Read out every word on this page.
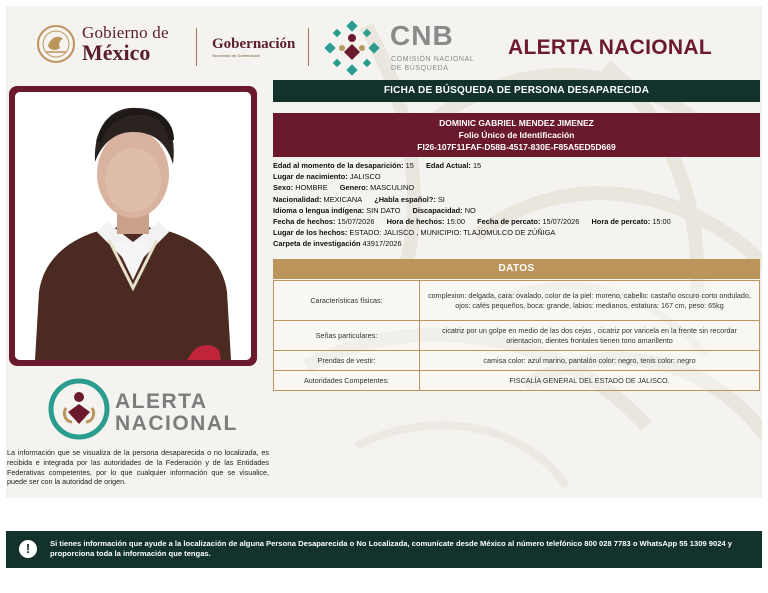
Gobierno de
México	Gobernación
Secretaría de Gobernación
CNB
COMISIÓN NACIONAL
DE BÚSQUEDA
ALERTA NACIONAL
FICHA DE BÚSQUEDA DE PERSONA DESAPARECIDA
DOMINIC GABRIEL MENDEZ JIMENEZ
Folio Único de Identificación
FI26-107F11FAF-D58B-4517-830E-F85A5ED5D669
Edad al momento de la desaparición: 15 Edad Actual: 15
Lugar de nacimiento: JALISCO
Sexo: HOMBRE Genero: MASCULINO
Nacionalidad: MEXICANA ¿Habla español?: SI
Idioma o lengua indígena: SIN DATO Discapacidad: NO
Fecha de hechos: 15/07/2026 Hora de hechos: 15:00 Fecha de percato: 15/07/2026 Hora de percato: 15:00
Lugar de los hechos: ESTADO: JALISCO , MUNICIPIO: TLAJOMULCO DE ZÚÑIGA
Carpeta de investigación 43917/2026
DATOS
Características físicas:	complexion: delgada, cara: ovalado, color de la piel: moreno, cabello: castaño oscuro corto ondulado, ojos: cafés pequeños, boca: grande, labios: medianos, estatura: 167 cm, peso: 65kg
Señas particulares:	cicatriz por un golpe en medio de las dos cejas , cicatriz por varicela en la frente sin recordar orientacion, dientes frontales tienen tono amarillento
Prendas de vestir:	camisa color: azul marino, pantalón color: negro, tenis color: negro
Autoridades Competentes:	FISCALÍA GENERAL DEL ESTADO DE JALISCO.
ALERTA
NACIONAL
La información que se visualiza de la persona desaparecida o no localizada, es recibida e integrada por las autoridades de la Federación y de las Entidades Federativas competentes, por lo que cualquier información que se visualice, puede ser con la autoridad de origen.
!	Si tienes información que ayude a la localización de alguna Persona Desaparecida o No Localizada, comunícate desde México al número telefónico 800 028 7783 o WhatsApp 55 1309 9024 y proporciona toda la información que tengas.
